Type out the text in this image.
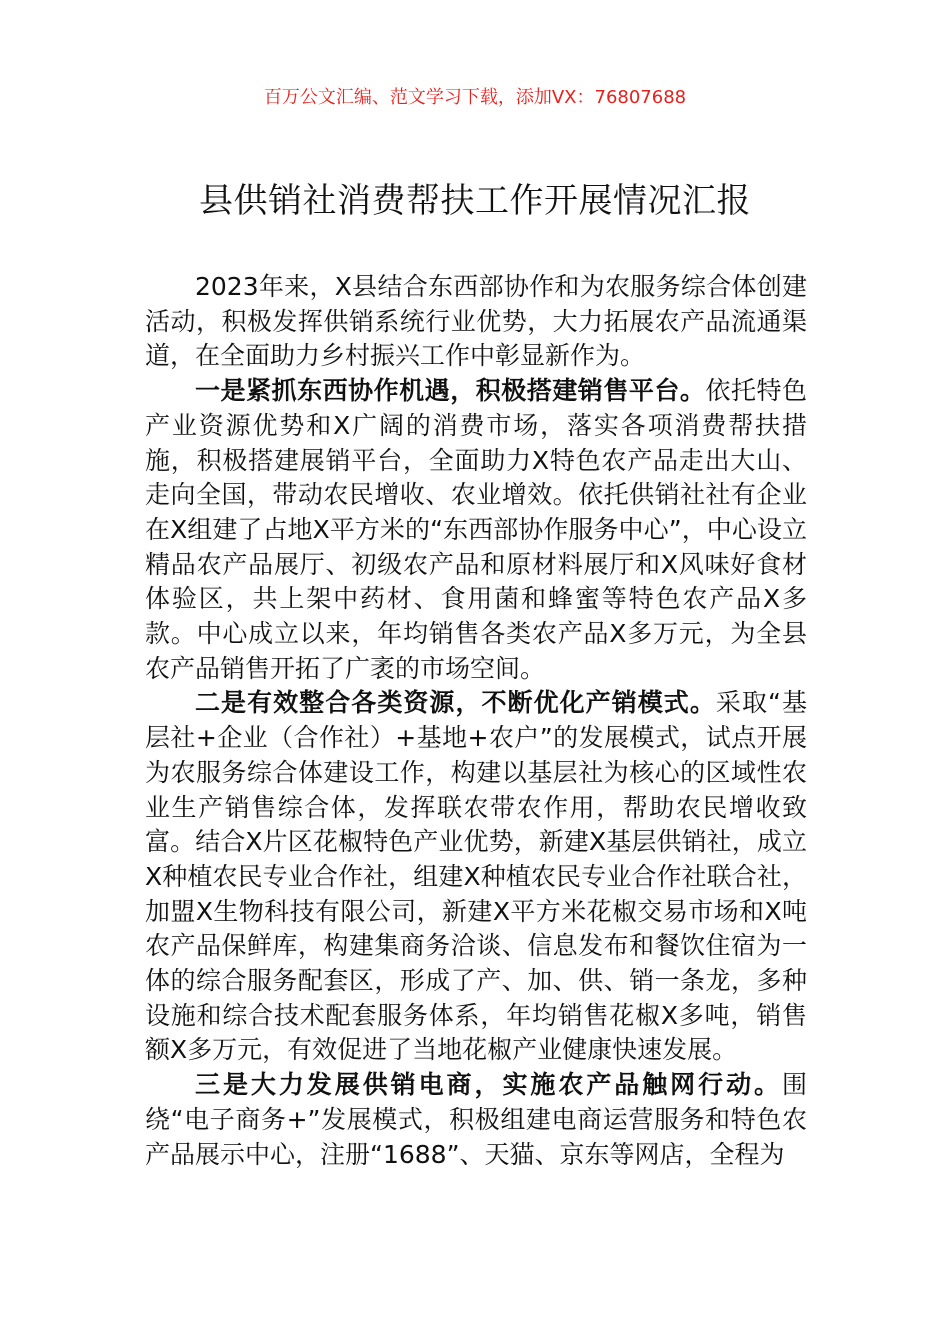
百万公文汇编、范文学习下载，添加VX：76807688
县供销社消费帮扶工作开展情况汇报

2023年来，X县结合东西部协作和为农服务综合体创建活动，积极发挥供销系统行业优势，大力拓展农产品流通渠道，在全面助力乡村振兴工作中彰显新作为。

一是紧抓东西协作机遇，积极搭建销售平台。依托特色产业资源优势和X广阔的消费市场，落实各项消费帮扶措施，积极搭建展销平台，全面助力X特色农产品走出大山、走向全国，带动农民增收、农业增效。依托供销社社有企业在X组建了占地X平方米的“东西部协作服务中心”，中心设立精品农产品展厅、初级农产品和原材料展厅和X风味好食材体验区，共上架中药材、食用菌和蜂蜜等特色农产品X多款。中心成立以来，年均销售各类农产品X多万元，为全县农产品销售开拓了广袤的市场空间。

二是有效整合各类资源，不断优化产销模式。采取“基层社+企业（合作社）+基地+农户”的发展模式，试点开展为农服务综合体建设工作，构建以基层社为核心的区域性农业生产销售综合体，发挥联农带农作用，帮助农民增收致富。结合X片区花椒特色产业优势，新建X基层供销社，成立X种植农民专业合作社，组建X种植农民专业合作社联合社，加盟X生物科技有限公司，新建X平方米花椒交易市场和X吨农产品保鲜库，构建集商务洽谈、信息发布和餐饮住宿为一体的综合服务配套区，形成了产、加、供、销一条龙，多种设施和综合技术配套服务体系，年均销售花椒X多吨，销售额X多万元，有效促进了当地花椒产业健康快速发展。

三是大力发展供销电商，实施农产品触网行动。围绕“电子商务+”发展模式，积极组建电商运营服务和特色农产品展示中心，注册“1688”、天猫、京东等网店，全程为
